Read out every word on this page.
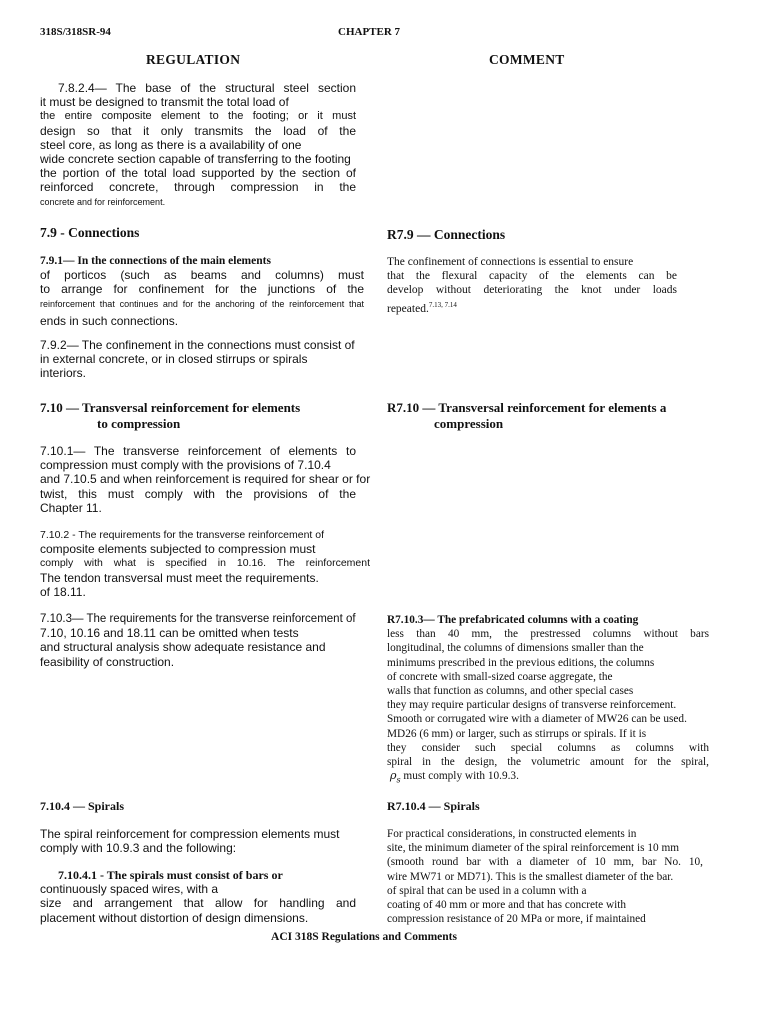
318S/318SR-94	CHAPTER 7
REGULATION	COMMENT
7.8.2.4— The base of the structural steel section
it must be designed to transmit the total load of
the entire composite element to the footing; or it must
design so that it only transmits the load of the
steel core, as long as there is a availability of one
wide concrete section capable of transferring to the footing
the portion of the total load supported by the section of
reinforced concrete, through compression in the
concrete and for reinforcement.
7.9 - Connections	R7.9 — Connections
7.9.1— In the connections of the main elements
of porticos (such as beams and columns) must
to arrange for confinement for the junctions of the
reinforcement that continues and for the anchoring of the reinforcement that
ends in such connections.
7.9.2— The confinement in the connections must consist of
in external concrete, or in closed stirrups or spirals
interiors.
The confinement of connections is essential to ensure
that the flexural capacity of the elements can be
develop without deteriorating the knot under loads
repeated.$^{7.13, 7.14}$
7.10 — Transversal reinforcement for elements
to compression
R7.10 — Transversal reinforcement for elements a
compression
7.10.1— The transverse reinforcement of elements to
compression must comply with the provisions of 7.10.4
and 7.10.5 and when reinforcement is required for shear or for
twist, this must comply with the provisions of the
Chapter 11.
7.10.2 - The requirements for the transverse reinforcement of
composite elements subjected to compression must
comply with what is specified in 10.16. The reinforcement
The tendon transversal must meet the requirements.
of 18.11.
7.10.3— The requirements for the transverse reinforcement of
7.10, 10.16 and 18.11 can be omitted when tests
and structural analysis show adequate resistance and
feasibility of construction.
R7.10.3— The prefabricated columns with a coating
less than 40 mm, the prestressed columns without bars
longitudinal, the columns of dimensions smaller than the
minimums prescribed in the previous editions, the columns
of concrete with small-sized coarse aggregate, the
walls that function as columns, and other special cases
they may require particular designs of transverse reinforcement.
Smooth or corrugated wire with a diameter of MW26 can be used.
MD26 (6 mm) or larger, such as stirrups or spirals. If it is
they consider such special columns as columns with
spiral in the design, the volumetric amount for the spiral,
$\rho_s$ must comply with 10.9.3.
7.10.4 — Spirals	R7.10.4 — Spirals
The spiral reinforcement for compression elements must
comply with 10.9.3 and the following:
7.10.4.1 - The spirals must consist of bars or
continuously spaced wires, with a
size and arrangement that allow for handling and
placement without distortion of design dimensions.
For practical considerations, in constructed elements in
site, the minimum diameter of the spiral reinforcement is 10 mm
(smooth round bar with a diameter of 10 mm, bar No. 10,
wire MW71 or MD71). This is the smallest diameter of the bar.
of spiral that can be used in a column with a
coating of 40 mm or more and that has concrete with
compression resistance of 20 MPa or more, if maintained
ACI 318S Regulations and Comments
